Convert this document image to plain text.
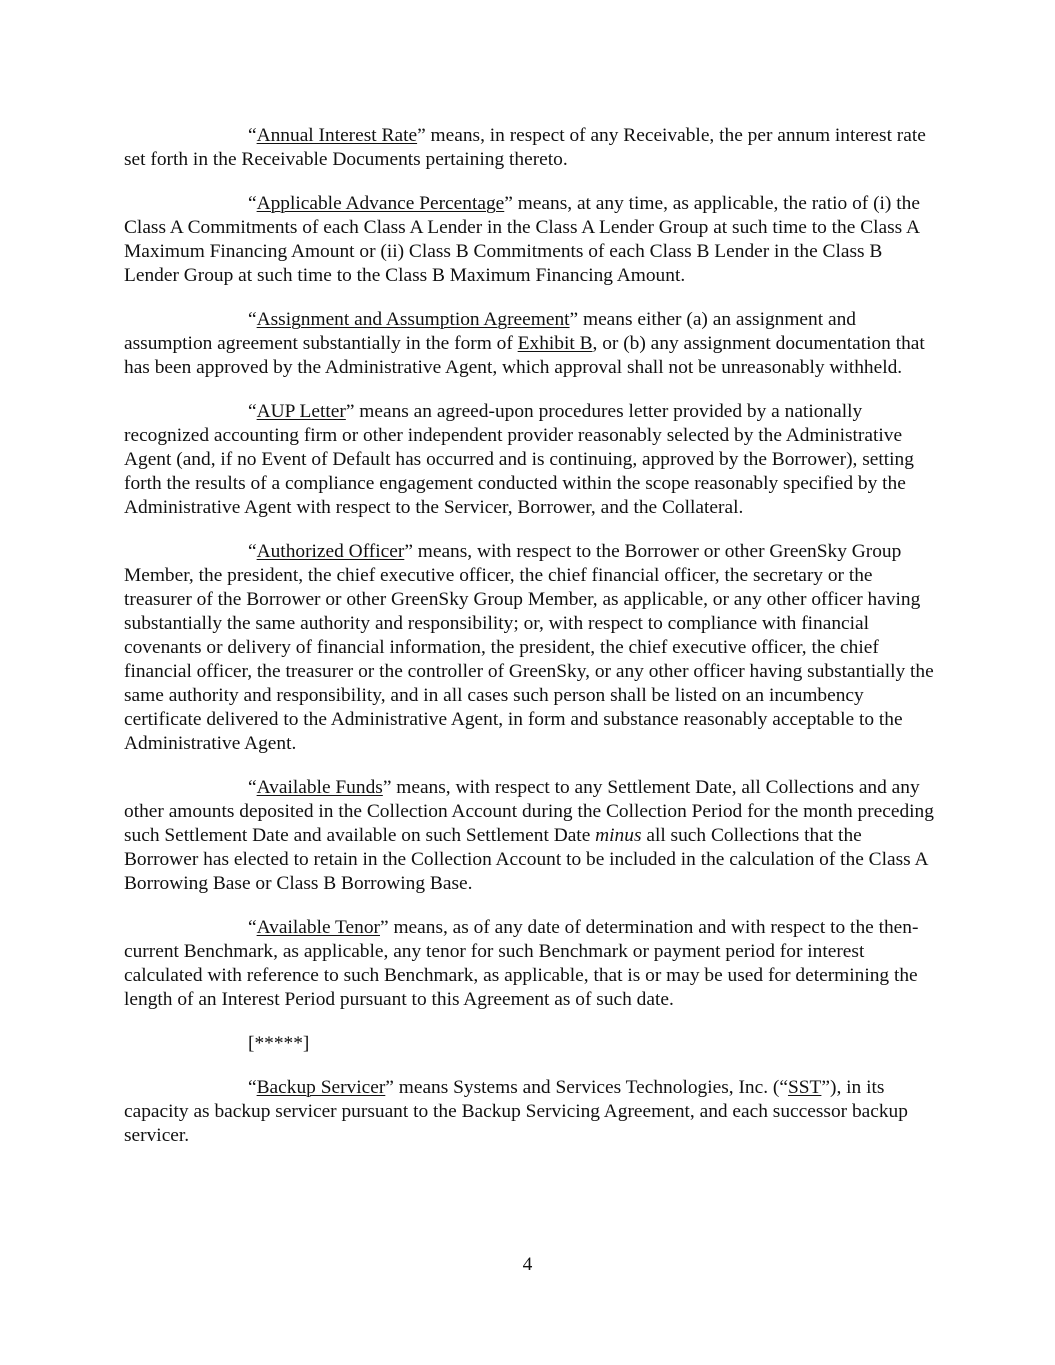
“Annual Interest Rate” means, in respect of any Receivable, the per annum interest rate set forth in the Receivable Documents pertaining thereto.

“Applicable Advance Percentage” means, at any time, as applicable, the ratio of (i) the Class A Commitments of each Class A Lender in the Class A Lender Group at such time to the Class A Maximum Financing Amount or (ii) Class B Commitments of each Class B Lender in the Class B Lender Group at such time to the Class B Maximum Financing Amount.

“Assignment and Assumption Agreement” means either (a) an assignment and assumption agreement substantially in the form of Exhibit B, or (b) any assignment documentation that has been approved by the Administrative Agent, which approval shall not be unreasonably withheld.

“AUP Letter” means an agreed-upon procedures letter provided by a nationally recognized accounting firm or other independent provider reasonably selected by the Administrative Agent (and, if no Event of Default has occurred and is continuing, approved by the Borrower), setting forth the results of a compliance engagement conducted within the scope reasonably specified by the Administrative Agent with respect to the Servicer, Borrower, and the Collateral.

“Authorized Officer” means, with respect to the Borrower or other GreenSky Group Member, the president, the chief executive officer, the chief financial officer, the secretary or the treasurer of the Borrower or other GreenSky Group Member, as applicable, or any other officer having substantially the same authority and responsibility; or, with respect to compliance with financial covenants or delivery of financial information, the president, the chief executive officer, the chief financial officer, the treasurer or the controller of GreenSky, or any other officer having substantially the same authority and responsibility, and in all cases such person shall be listed on an incumbency certificate delivered to the Administrative Agent, in form and substance reasonably acceptable to the Administrative Agent.

“Available Funds” means, with respect to any Settlement Date, all Collections and any other amounts deposited in the Collection Account during the Collection Period for the month preceding such Settlement Date and available on such Settlement Date minus all such Collections that the Borrower has elected to retain in the Collection Account to be included in the calculation of the Class A Borrowing Base or Class B Borrowing Base.

“Available Tenor” means, as of any date of determination and with respect to the then-current Benchmark, as applicable, any tenor for such Benchmark or payment period for interest calculated with reference to such Benchmark, as applicable, that is or may be used for determining the length of an Interest Period pursuant to this Agreement as of such date.

[*****]

“Backup Servicer” means Systems and Services Technologies, Inc. (“SST”), in its capacity as backup servicer pursuant to the Backup Servicing Agreement, and each successor backup servicer.

4
